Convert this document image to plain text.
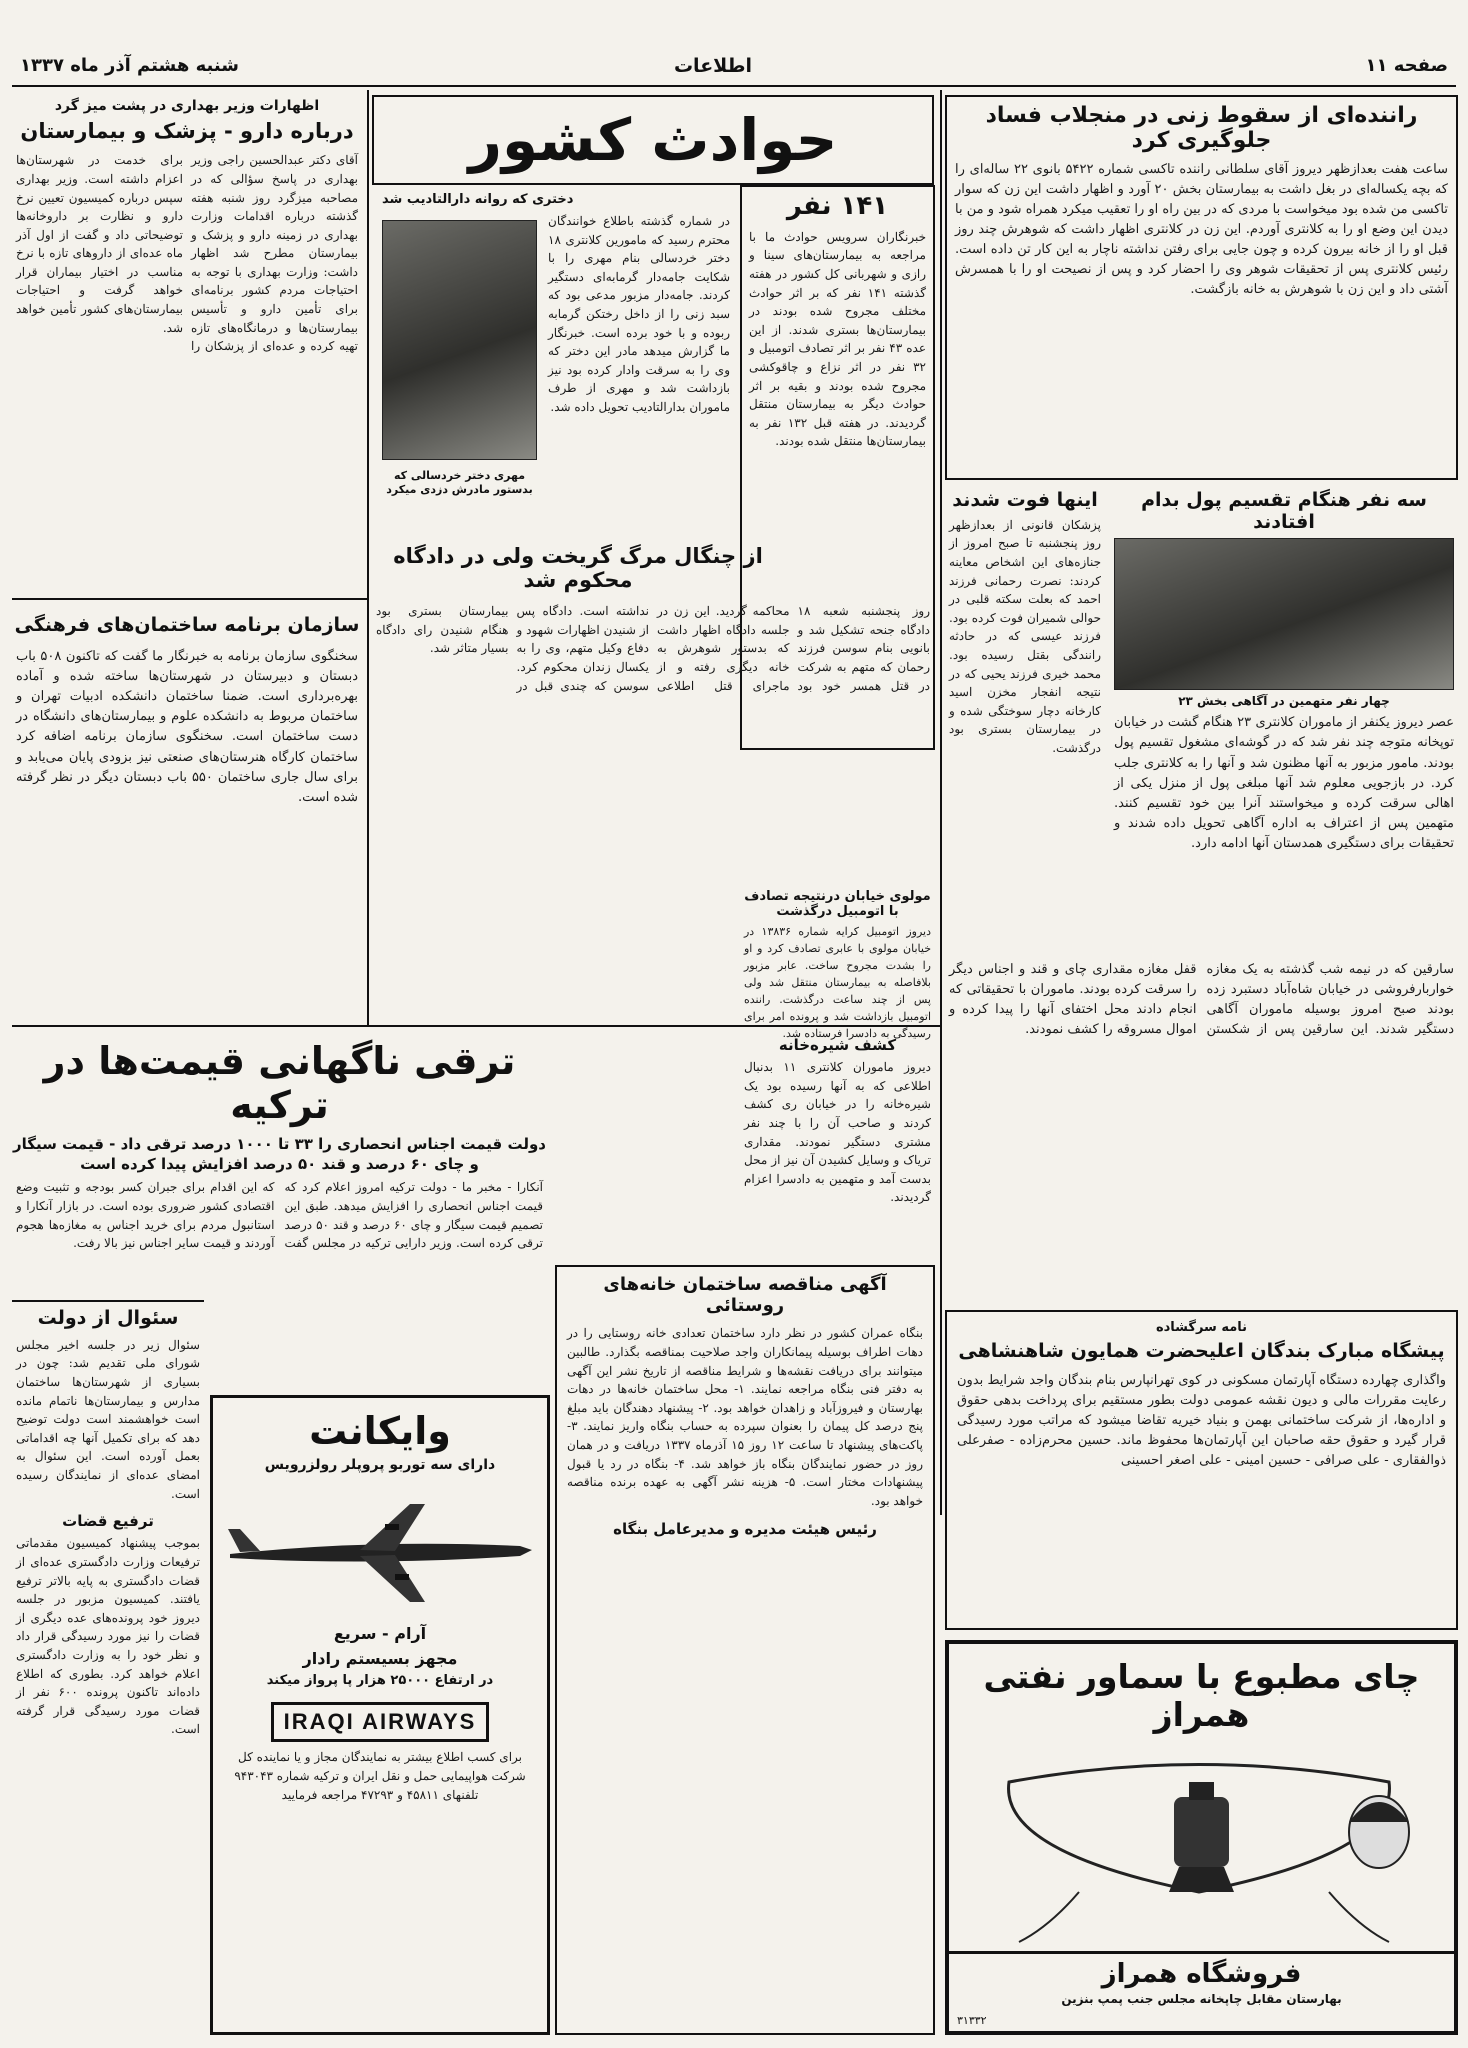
صفحه ۱۱
اطلاعات
شنبه هشتم آذر ماه ۱۳۳۷
راننده‌ای از سقوط زنی در منجلاب فساد جلوگیری کرد

ساعت هفت بعدازظهر دیروز آقای سلطانی راننده تاکسی شماره ۵۴۲۲ بانوی ۲۲ ساله‌ای را که بچه یکساله‌ای در بغل داشت به بیمارستان بخش ۲۰ آورد و اظهار داشت این زن که سوار تاکسی من شده بود میخواست با مردی که در بین راه او را تعقیب میکرد همراه شود و من با دیدن این وضع او را به کلانتری آوردم. این زن در کلانتری اظهار داشت که شوهرش چند روز قبل او را از خانه بیرون کرده و چون جایی برای رفتن نداشته ناچار به این کار تن داده است. رئیس کلانتری پس از تحقیقات شوهر وی را احضار کرد و پس از نصیحت او را با همسرش آشتی داد و این زن با شوهرش به خانه بازگشت.

سه نفر هنگام تقسیم پول بدام افتادند
چهار نفر متهمین در آگاهی بخش ۲۳

عصر دیروز یکنفر از ماموران کلانتری ۲۳ هنگام گشت در خیابان توپخانه متوجه چند نفر شد که در گوشه‌ای مشغول تقسیم پول بودند. مامور مزبور به آنها مظنون شد و آنها را به کلانتری جلب کرد. در بازجویی معلوم شد آنها مبلغی پول از منزل یکی از اهالی سرقت کرده و میخواستند آنرا بین خود تقسیم کنند. متهمین پس از اعتراف به اداره آگاهی تحویل داده شدند و تحقیقات برای دستگیری همدستان آنها ادامه دارد.

اینها فوت شدند

پزشکان قانونی از بعدازظهر روز پنجشنبه تا صبح امروز از جنازه‌های این اشخاص معاینه کردند: نصرت رحمانی فرزند احمد که بعلت سکته قلبی در حوالی شمیران فوت کرده بود. فرزند عیسی که در حادثه رانندگی بقتل رسیده بود. محمد خیری فرزند یحیی که در نتیجه انفجار مخزن اسید کارخانه دچار سوختگی شده و در بیمارستان بستری بود درگذشت.

۱۴۱ نفر

خبرنگاران سرویس حوادث ما با مراجعه به بیمارستان‌های سینا و رازی و شهربانی کل کشور در هفته گذشته ۱۴۱ نفر که بر اثر حوادث مختلف مجروح شده بودند در بیمارستان‌ها بستری شدند. از این عده ۴۳ نفر بر اثر تصادف اتومبیل و ۳۲ نفر در اثر نزاع و چاقوکشی مجروح شده بودند و بقیه بر اثر حوادث دیگر به بیمارستان منتقل گردیدند. در هفته قبل ۱۳۲ نفر به بیمارستان‌ها منتقل شده بودند.

حوادث کشور
دختری که روانه دارالتادیب شد

در شماره گذشته باطلاع خوانندگان محترم رسید که مامورین کلانتری ۱۸ دختر خردسالی بنام مهری را با شکایت جامه‌دار گرمابه‌ای دستگیر کردند. جامه‌دار مزبور مدعی بود که سبد زنی را از داخل رختکن گرمابه ربوده و با خود برده است. خبرنگار ما گزارش میدهد مادر این دختر که وی را به سرقت وادار کرده بود نیز بازداشت شد و مهری از طرف ماموران بدارالتادیب تحویل داده شد.

مهری دختر خردسالی که بدستور مادرش دزدی میکرد
از چنگال مرگ گریخت ولی در دادگاه محکوم شد

روز پنجشنبه شعبه ۱۸ دادگاه جنحه تشکیل شد و بانویی بنام سوسن فرزند رحمان که متهم به شرکت در قتل همسر خود بود محاکمه گردید. این زن در جلسه دادگاه اظهار داشت که بدستور شوهرش به خانه دیگری رفته و از ماجرای قتل اطلاعی نداشته است. دادگاه پس از شنیدن اظهارات شهود و دفاع وکیل متهم، وی را به یکسال زندان محکوم کرد. سوسن که چندی قبل در بیمارستان بستری بود هنگام شنیدن رای دادگاه بسیار متاثر شد.

اظهارات وزیر بهداری در پشت میز گرد
درباره دارو - پزشک و بیمارستان

آقای دکتر عبدالحسین راجی وزیر بهداری در پاسخ سؤالی که در مصاحبه میزگرد روز شنبه هفته گذشته درباره اقدامات وزارت بهداری در زمینه دارو و پزشک و بیمارستان مطرح شد اظهار داشت: وزارت بهداری با توجه به احتیاجات مردم کشور برنامه‌ای برای تأمین دارو و تأسیس بیمارستان‌ها و درمانگاه‌های تازه تهیه کرده و عده‌ای از پزشکان را برای خدمت در شهرستان‌ها اعزام داشته است. وزیر بهداری سپس درباره کمیسیون تعیین نرخ دارو و نظارت بر داروخانه‌ها توضیحاتی داد و گفت از اول آذر ماه عده‌ای از داروهای تازه با نرخ مناسب در اختیار بیماران قرار خواهد گرفت و احتیاجات بیمارستان‌های کشور تأمین خواهد شد.

سازمان برنامه ساختمان‌های فرهنگی

سخنگوی سازمان برنامه به خبرنگار ما گفت که تاکنون ۵۰۸ باب دبستان و دبیرستان در شهرستان‌ها ساخته شده و آماده بهره‌برداری است. ضمنا ساختمان دانشکده ادبیات تهران و ساختمان مربوط به دانشکده علوم و بیمارستان‌های دانشگاه در دست ساختمان است. سخنگوی سازمان برنامه اضافه کرد ساختمان کارگاه هنرستان‌های صنعتی نیز بزودی پایان می‌یابد و برای سال جاری ساختمان ۵۵۰ باب دبستان دیگر در نظر گرفته شده است.

مولوی خیابان درنتیجه تصادف با اتومبیل درگذشت

دیروز اتومبیل کرایه شماره ۱۳۸۳۶ در خیابان مولوی با عابری تصادف کرد و او را بشدت مجروح ساخت. عابر مزبور بلافاصله به بیمارستان منتقل شد ولی پس از چند ساعت درگذشت. راننده اتومبیل بازداشت شد و پرونده امر برای رسیدگی به دادسرا فرستاده شد.

کشف شیره‌خانه

دیروز ماموران کلانتری ۱۱ بدنبال اطلاعی که به آنها رسیده بود یک شیره‌خانه را در خیابان ری کشف کردند و صاحب آن را با چند نفر مشتری دستگیر نمودند. مقداری تریاک و وسایل کشیدن آن نیز از محل بدست آمد و متهمین به دادسرا اعزام گردیدند.

سارقین که در نیمه شب گذشته به یک مغازه خواربارفروشی در خیابان شاه‌آباد دستبرد زده بودند صبح امروز بوسیله ماموران آگاهی دستگیر شدند. این سارقین پس از شکستن قفل مغازه مقداری چای و قند و اجناس دیگر را سرقت کرده بودند. ماموران با تحقیقاتی که انجام دادند محل اختفای آنها را پیدا کرده و اموال مسروقه را کشف نمودند.

ترقی ناگهانی قیمت‌ها در ترکیه
دولت قیمت اجناس انحصاری را ۳۳ تا ۱۰۰۰ درصد ترقی داد - قیمت سیگار و چای ۶۰ درصد و قند ۵۰ درصد افزایش پیدا کرده است

آنکارا - مخبر ما - دولت ترکیه امروز اعلام کرد که قیمت اجناس انحصاری را افزایش میدهد. طبق این تصمیم قیمت سیگار و چای ۶۰ درصد و قند ۵۰ درصد ترقی کرده است. وزیر دارایی ترکیه در مجلس گفت که این اقدام برای جبران کسر بودجه و تثبیت وضع اقتصادی کشور ضروری بوده است. در بازار آنکارا و استانبول مردم برای خرید اجناس به مغازه‌ها هجوم آوردند و قیمت سایر اجناس نیز بالا رفت.

سئوال از دولت

سئوال زیر در جلسه اخیر مجلس شورای ملی تقدیم شد: چون در بسیاری از شهرستان‌ها ساختمان مدارس و بیمارستان‌ها ناتمام مانده است خواهشمند است دولت توضیح دهد که برای تکمیل آنها چه اقداماتی بعمل آورده است. این سئوال به امضای عده‌ای از نمایندگان رسیده است.

ترفیع قضات

بموجب پیشنهاد کمیسیون مقدماتی ترفیعات وزارت دادگستری عده‌ای از قضات دادگستری به پایه بالاتر ترفیع یافتند. کمیسیون مزبور در جلسه دیروز خود پرونده‌های عده دیگری از قضات را نیز مورد رسیدگی قرار داد و نظر خود را به وزارت دادگستری اعلام خواهد کرد. بطوری که اطلاع داده‌اند تاکنون پرونده ۶۰۰ نفر از قضات مورد رسیدگی قرار گرفته است.

وایکانت
دارای سه توربو پروپلر رولزرویس
آرام - سریع
مجهز بسیستم رادار
در ارتفاع ۲۵۰۰۰ هزار پا پرواز میکند
IRAQI AIRWAYS

برای کسب اطلاع بیشتر به نمایندگان مجاز و یا نماینده کل شرکت هواپیمایی حمل و نقل ایران و ترکیه شماره ۹۴۳۰۴۳ تلفنهای ۴۵۸۱۱ و ۴۷۲۹۳ مراجعه فرمایید

آگهی مناقصه ساختمان خانه‌های روستائی

بنگاه عمران کشور در نظر دارد ساختمان تعدادی خانه روستایی را در دهات اطراف بوسیله پیمانکاران واجد صلاحیت بمناقصه بگذارد. طالبین میتوانند برای دریافت نقشه‌ها و شرایط مناقصه از تاریخ نشر این آگهی به دفتر فنی بنگاه مراجعه نمایند. ۱- محل ساختمان خانه‌ها در دهات بهارستان و فیروزآباد و زاهدان خواهد بود. ۲- پیشنهاد دهندگان باید مبلغ پنج درصد کل پیمان را بعنوان سپرده به حساب بنگاه واریز نمایند. ۳- پاکت‌های پیشنهاد تا ساعت ۱۲ روز ۱۵ آذرماه ۱۳۳۷ دریافت و در همان روز در حضور نمایندگان بنگاه باز خواهد شد. ۴- بنگاه در رد یا قبول پیشنهادات مختار است. ۵- هزینه نشر آگهی به عهده برنده مناقصه خواهد بود.

رئیس هیئت مدیره و مدیرعامل بنگاه
نامه سرگشاده
پیشگاه مبارک بندگان اعلیحضرت همایون شاهنشاهی

واگذاری چهارده دستگاه آپارتمان مسکونی در کوی تهرانپارس بنام بندگان واجد شرایط بدون رعایت مقررات مالی و دیون نقشه عمومی دولت بطور مستقیم برای پرداخت بدهی حقوق و اداره‌ها، از شرکت ساختمانی بهمن و بنیاد خیریه تقاضا میشود که مراتب مورد رسیدگی قرار گیرد و حقوق حقه صاحبان این آپارتمان‌ها محفوظ ماند. حسین محرم‌زاده - صفرعلی ذوالفقاری - علی صرافی - حسین امینی - علی اصغر احسینی

چای مطبوع با سماور نفتی همراز
فروشگاه همراز
بهارستان مقابل چاپخانه مجلس جنب پمپ بنزین
۳۱۳۳۲
